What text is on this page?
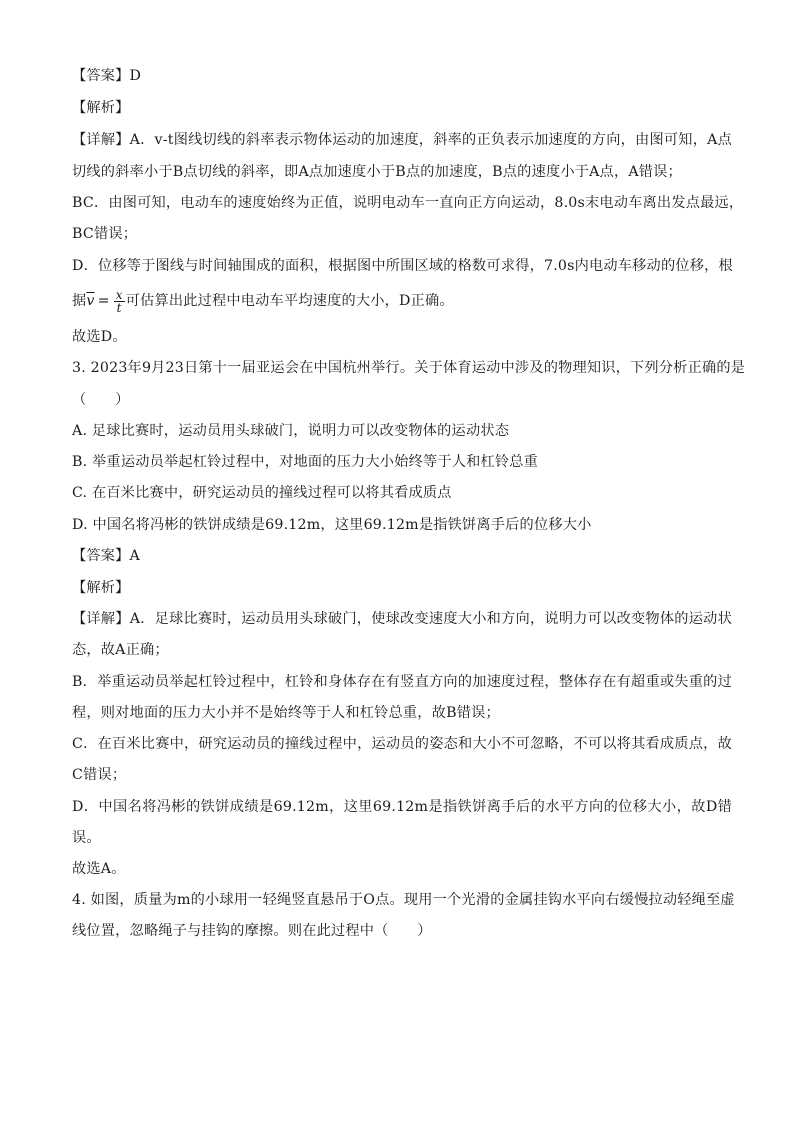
【答案】D
【解析】
【详解】A．v-t图线切线的斜率表示物体运动的加速度，斜率的正负表示加速度的方向，由图可知，A点
切线的斜率小于B点切线的斜率，即A点加速度小于B点的加速度，B点的速度小于A点，A错误；
BC．由图可知，电动车的速度始终为正值，说明电动车一直向正方向运动，8.0s末电动车离出发点最远，
BC错误；
D．位移等于图线与时间轴围成的面积，根据图中所围区域的格数可求得，7.0s内电动车移动的位移，根
据$\overline{v} = \frac{x}{t}$ 可估算出此过程中电动车平均速度的大小，D正确。
故选D。
3. 2023年9月23日第十一届亚运会在中国杭州举行。关于体育运动中涉及的物理知识，下列分析正确的是
（　　）
A. 足球比赛时，运动员用头球破门，说明力可以改变物体的运动状态
B. 举重运动员举起杠铃过程中，对地面的压力大小始终等于人和杠铃总重
C. 在百米比赛中，研究运动员的撞线过程可以将其看成质点
D. 中国名将冯彬的铁饼成绩是69.12m，这里69.12m是指铁饼离手后的位移大小
【答案】A
【解析】
【详解】A．足球比赛时，运动员用头球破门，使球改变速度大小和方向，说明力可以改变物体的运动状
态，故A正确；
B．举重运动员举起杠铃过程中，杠铃和身体存在有竖直方向的加速度过程，整体存在有超重或失重的过
程，则对地面的压力大小并不是始终等于人和杠铃总重，故B错误；
C．在百米比赛中，研究运动员的撞线过程中，运动员的姿态和大小不可忽略，不可以将其看成质点，故
C错误；
D．中国名将冯彬的铁饼成绩是69.12m，这里69.12m是指铁饼离手后的水平方向的位移大小，故D错
误。
故选A。
4. 如图，质量为m的小球用一轻绳竖直悬吊于O点。现用一个光滑的金属挂钩水平向右缓慢拉动轻绳至虚
线位置，忽略绳子与挂钩的摩擦。则在此过程中（　　）
